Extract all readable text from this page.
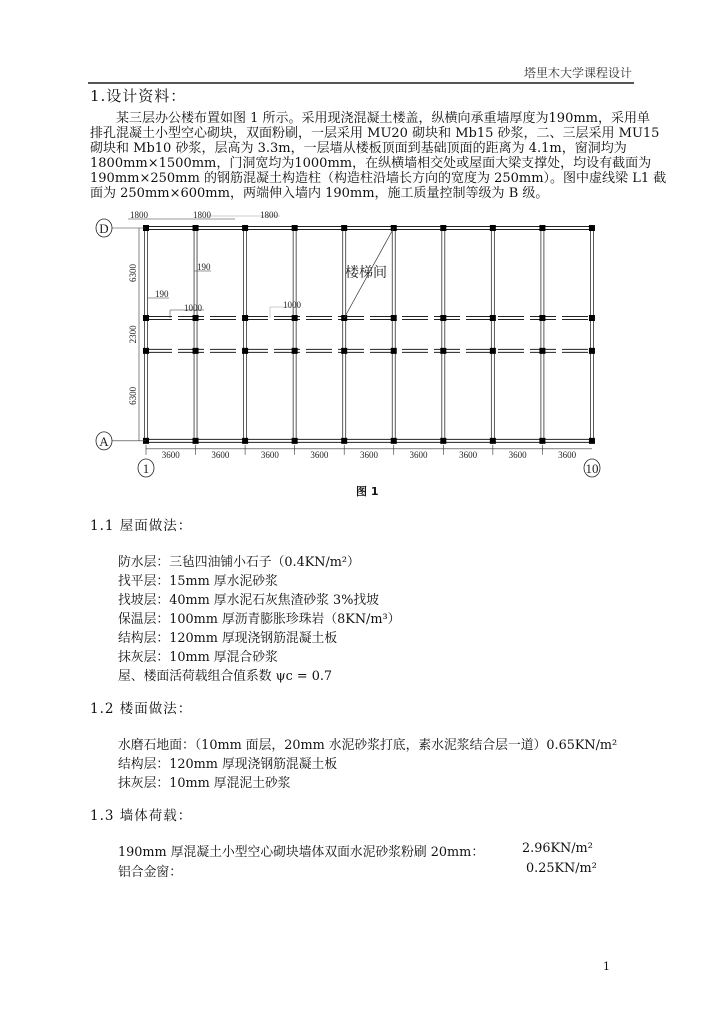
塔里木大学课程设计
1.设计资料：
　　某三层办公楼布置如图 1 所示。采用现浇混凝土楼盖，纵横向承重墙厚度为190mm，采用单
排孔混凝土小型空心砌块，双面粉刷，一层采用 MU20 砌块和 Mb15 砂浆，二、三层采用 MU15
砌块和 Mb10 砂浆，层高为 3.3m，一层墙从楼板顶面到基础顶面的距离为 4.1m，窗洞均为
1800mm×1500mm，门洞宽均为1000mm，在纵横墙相交处或屋面大梁支撑处，均设有截面为
190mm×250mm 的钢筋混凝土构造柱（构造柱沿墙长方向的宽度为 250mm）。图中虚线梁 L1 截
面为 250mm×600mm，两端伸入墙内 190mm，施工质量控制等级为 B 级。
楼梯间
3600	3600	3600	3600	3600	3600	3600	3600	3600
6300
2300
6300
1800	1800	1800
190
190
1000	1000
D
A
1	10
图 1
1.1 屋面做法：
防水层：三毡四油铺小石子（0.4KN/m²）
找平层：15mm 厚水泥砂浆
找坡层：40mm 厚水泥石灰焦渣砂浆 3%找坡
保温层：100mm 厚沥青膨胀珍珠岩（8KN/m³）
结构层：120mm 厚现浇钢筋混凝土板
抹灰层：10mm 厚混合砂浆
屋、楼面活荷载组合值系数 ψc = 0.7
1.2 楼面做法：
水磨石地面：（10mm 面层，20mm 水泥砂浆打底，素水泥浆结合层一道）0.65KN/m²
结构层：120mm 厚现浇钢筋混凝土板
抹灰层：10mm 厚混泥土砂浆
1.3 墙体荷载：
190mm 厚混凝土小型空心砌块墙体双面水泥砂浆粉刷 20mm：	2.96KN/m²
铝合金窗：	0.25KN/m²
1
